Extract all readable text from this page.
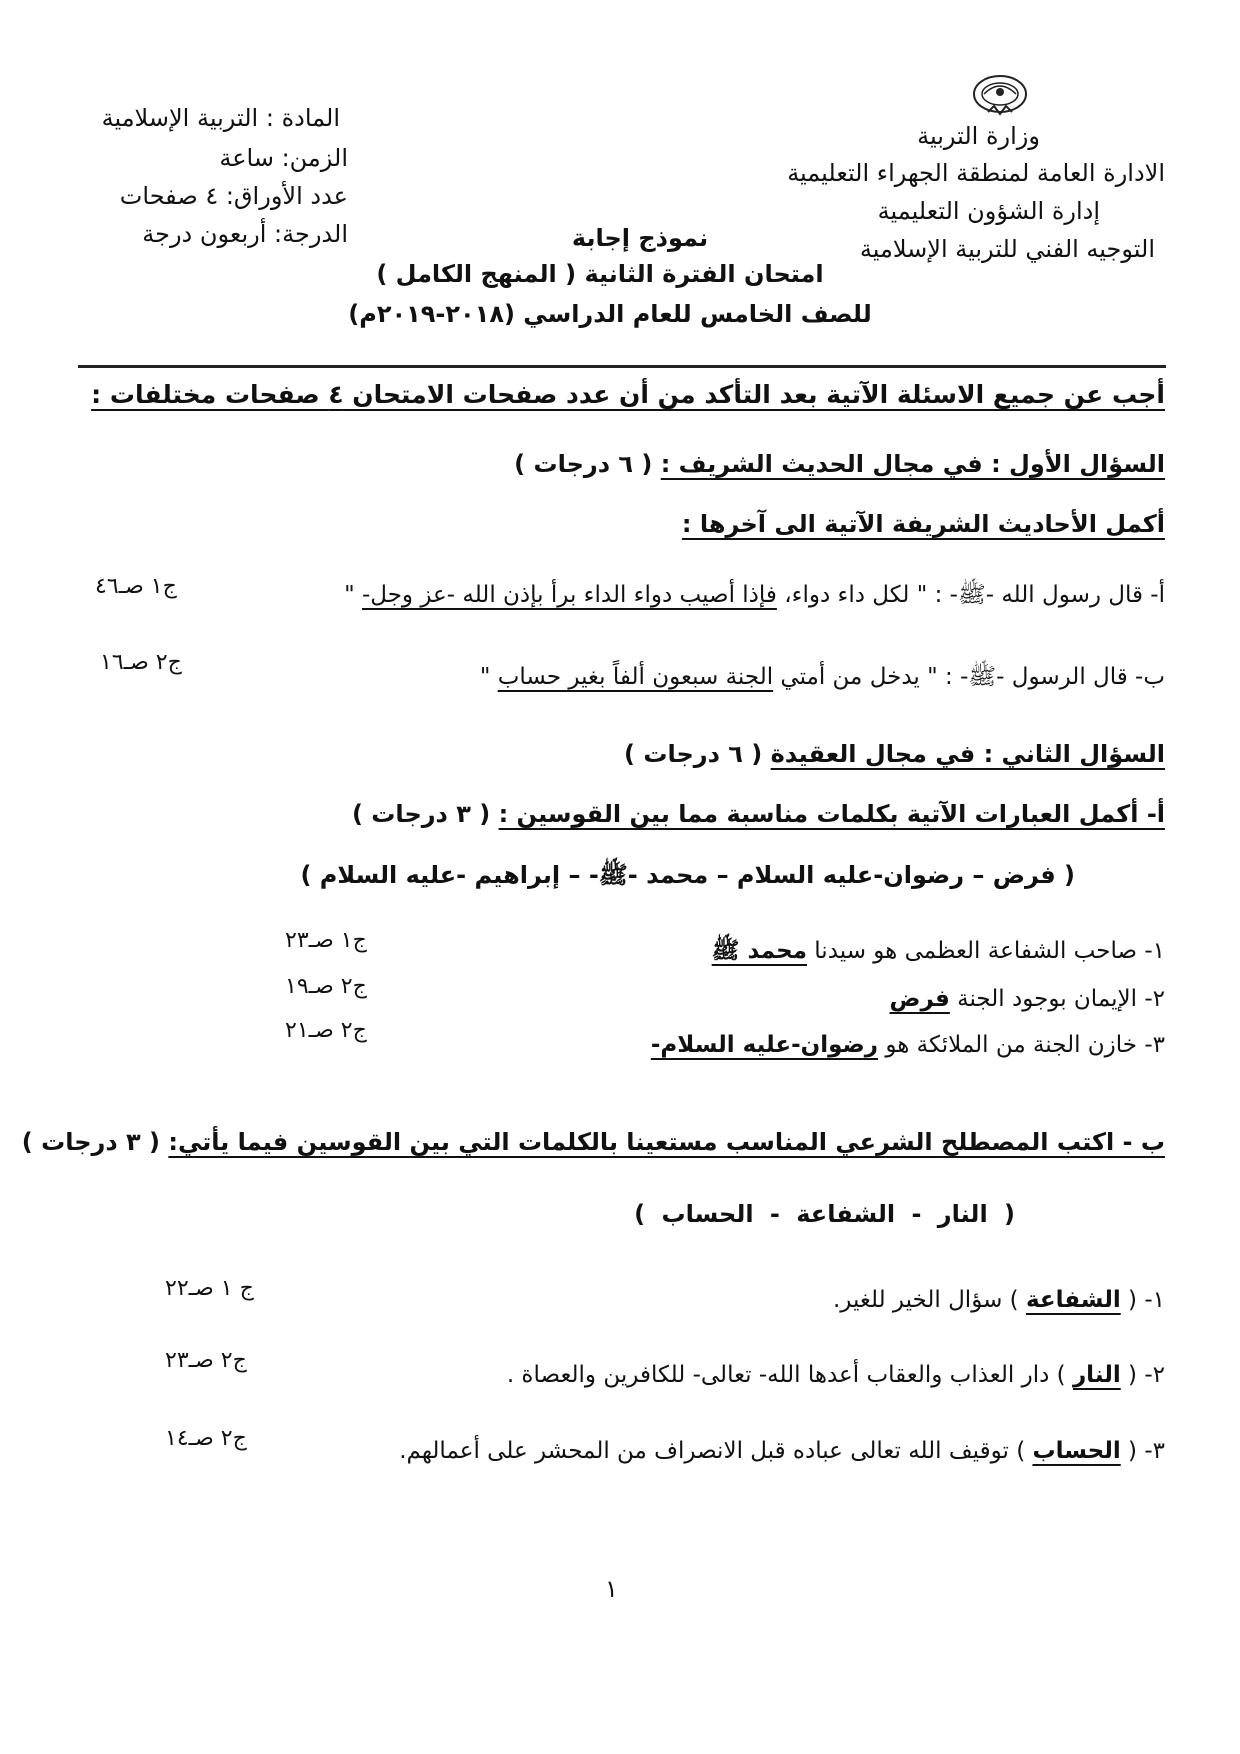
وزارة التربية
الادارة العامة لمنطقة الجهراء التعليمية
إدارة الشؤون التعليمية
التوجيه الفني للتربية الإسلامية
المادة : التربية الإسلامية
الزمن: ساعة
عدد الأوراق: ٤ صفحات
الدرجة: أربعون درجة	نموذج إجابة
امتحان الفترة الثانية ( المنهج الكامل )
للصف الخامس للعام الدراسي (٢٠١٨-٢٠١٩م)
أجب عن جميع الاسئلة الآتية بعد التأكد من أن عدد صفحات الامتحان ٤ صفحات مختلفات :
السؤال الأول : في مجال الحديث الشريف : ( ٦ درجات )
أكمل الأحاديث الشريفة الآتية الى آخرها :
أ- قال رسول الله -ﷺ- : " لكل داء دواء، فإذا أصيب دواء الداء برأ بإذن الله -عز وجل- "
ج١ صـ٤٦
ب- قال الرسول -ﷺ- : " يدخل من أمتي الجنة سبعون ألفاً بغير حساب "
ج٢ صـ١٦
السؤال الثاني : في مجال العقيدة ( ٦ درجات )
أ- أكمل العبارات الآتية بكلمات مناسبة مما بين القوسين : ( ٣ درجات )
( فرض – رضوان-عليه السلام – محمد -ﷺ- – إبراهيم -عليه السلام )
١- صاحب الشفاعة العظمى هو سيدنا محمد ﷺ
ج١ صـ٢٣
٢- الإيمان بوجود الجنة فرض
ج٢ صـ١٩
٣- خازن الجنة من الملائكة هو رضوان-عليه السلام-
ج٢ صـ٢١
ب - اكتب المصطلح الشرعي المناسب مستعينا بالكلمات التي بين القوسين فيما يأتي: ( ٣ درجات )
( النار - الشفاعة - الحساب )
١- ( الشفاعة ) سؤال الخير للغير.
ج ١ صـ٢٢
٢- ( النار ) دار العذاب والعقاب أعدها الله- تعالى- للكافرين والعصاة .
ج٢ صـ٢٣
٣- ( الحساب ) توقيف الله تعالى عباده قبل الانصراف من المحشر على أعمالهم.
ج٢ صـ١٤
١
